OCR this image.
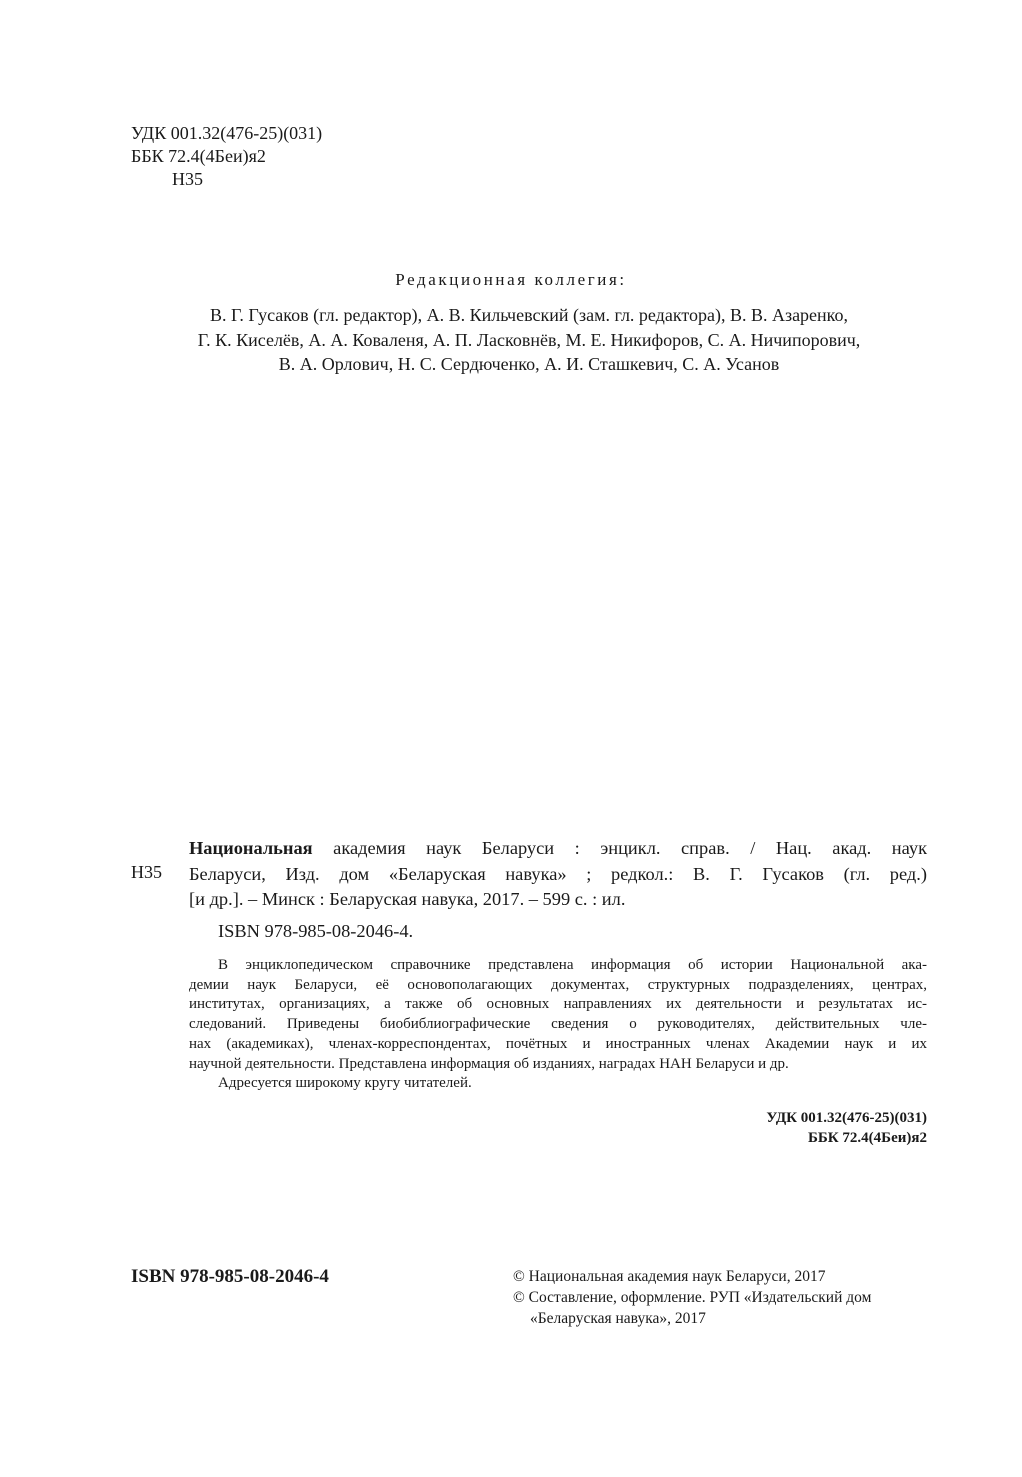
УДК 001.32(476-25)(031)
ББК 72.4(4Беи)я2
Н35
Редакционная коллегия:
В. Г. Гусаков (гл. редактор), А. В. Кильчевский (зам. гл. редактора), В. В. Азаренко,
Г. К. Киселёв, А. А. Коваленя, А. П. Ласковнёв, М. Е. Никифоров, С. А. Ничипорович,
В. А. Орлович, Н. С. Сердюченко, А. И. Сташкевич, С. А. Усанов
Н35
Национальная академия наук Беларуси : энцикл. справ. / Нац. акад. наук
Беларуси, Изд. дом «Беларуская навука» ; редкол.: В. Г. Гусаков (гл. ред.)
[и др.]. – Минск : Беларуская навука, 2017. – 599 с. : ил.
ISBN 978-985-08-2046-4.
В энциклопедическом справочнике представлена информация об истории Национальной ака-
демии наук Беларуси, её основополагающих документах, структурных подразделениях, центрах,
институтах, организациях, а также об основных направлениях их деятельности и результатах ис-
следований. Приведены биобиблиографические сведения о руководителях, действительных чле-
нах (академиках), членах-корреспондентах, почётных и иностранных членах Академии наук и их
научной деятельности. Представлена информация об изданиях, наградах НАН Беларуси и др.
Адресуется широкому кругу читателей.
УДК 001.32(476-25)(031)
ББК 72.4(4Беи)я2
ISBN 978-985-08-2046-4	© Национальная академия наук Беларуси, 2017
© Составление, оформление. РУП «Издательский дом
«Беларуская навука», 2017
